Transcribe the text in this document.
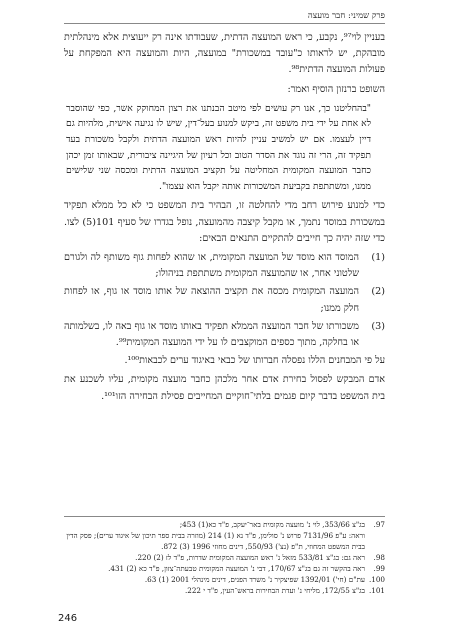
פרק שמיני: חבר מועצה

בעניין לוי⁹⁷, נקבע, כי ראש המועצה הדתית, שעבודתו אינה רק ייעוצית אלא מינהלתית מובהקת, יש לראותו כ"עובד במשכורת" במועצה, היות והמועצה היא המפקחת על פעולות המועצה הדתית⁹⁸.

השופט ברנזון הוסיף ואמר:

"בהחליטנו כך, אנו רק עושים לפי מיטב הבנתנו את רצון המחוקק אשר, כפי שהוסבר לא אחת על ידי בית משפט זה, ביקש למנוע בעל־דין, שיש לו נגיעה אישית, מלהיות גם דיין לעצמו. אם יש למשיב עניין להיות ראש המועצה הדתית ולקבל משכורת בעד תפקיד זה, הרי זה נוגד את הסדר הטוב וכל רעיון של היגיינה ציבורית, שבאותו זמן יכהן כחבר המועצה המקומית המחליטה על תקציב המועצה הדתית ומכסה שני שלישים ממנו, ומשתתפת בקביעת המשכורות אותה יקבל הוא עצמו".

כדי למנוע פירוש רחב מדי להחלטה זו, הבהיר בית המשפט כי לא כל ממלא תפקיד במשכורת במוסד נתמך, או מקבל קיצבה מהמועצה, נופל בגדרו של סעיף 101(5) לצו. כדי שזה יהיה כך חייבים להתקיים התנאים הבאים:

(1)
המוסד הוא מוסד של המועצה המקומית, או שהוא לפחות גוף משותף לה ולגורם שלטוני אחר, או שהמועצה המקומית משתתפת בניהולו;
(2)
המועצה המקומית מכסה את תקציב ההוצאה של אותו מוסד או גוף, או לפחות חלק ממנו;
(3)
משכורתו של חבר המועצה הממלא תפקיד באותו מוסד או גוף באה לו, בשלמותה או בחלקה, מתוך כספים המוקצבים לו על ידי המועצה המקומית⁹⁹.

על פי המבחנים הללו נפסלה חברותו של כבאי באיגוד ערים לכבאות¹⁰⁰.

אדם המבקש לפסול בחירת אדם אחר מלכהן כחבר מועצה מקומית, עליו לשכנע את בית המשפט בדבר קיום פגמים בלתי־חוקיים המחייבים פסילת הבחירה הזו¹⁰¹.

97.
בג"צ 353/66, לוי נ' מועצה מקומית באר־יעקב, פ"ד כא(1) 453;
וראה: ע"פ 7131/96 פרוש נ' סולימן, פ"ד נא (1) 214 (מוזרה בבית ספר תיכון של איגוד ערים); פסק הדין בבית המשפט המחוזי, ת"פ (נצ') 550/93, דינים מחוזי 1996 (3) 872.
98.
ראה גם: בג"צ 533/81 מזאל נ' ראש המועצה המקומית שדרות, פ"ד לז (2) 220.
99.
ראה בהקשר זה גם בג"צ 170/67, דבי נ' המועצה המקומית טבעתה־צזון, פ"ד כא (2) 431.
100.
עת"ם (חי') 1392/01 שפיצקיר נ' משרד הפנים, דינים מינהלי 2001 (1) 63.
101.
בג"צ 172/55, מליחי נ' ועדת הבחירות בראש־העין, פ"ד י 222.
246
